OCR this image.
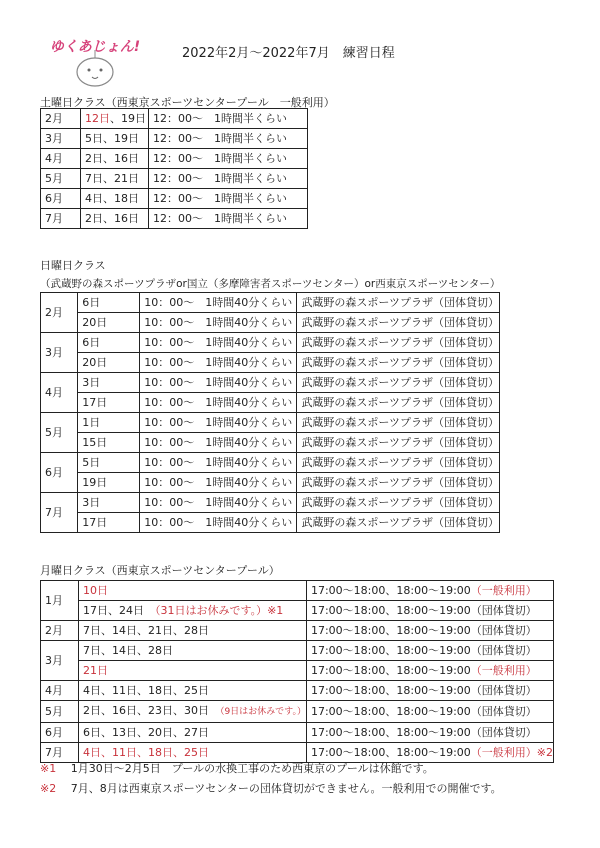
ゆくあじょん!	2022年2月〜2022年7月　練習日程
土曜日クラス（西東京スポーツセンタープール　一般利用）
2月	12日、19日	12：00〜　1時間半くらい
3月	5日、19日	12：00〜　1時間半くらい
4月	2日、16日	12：00〜　1時間半くらい
5月	7日、21日	12：00〜　1時間半くらい
6月	4日、18日	12：00〜　1時間半くらい
7月	2日、16日	12：00〜　1時間半くらい
日曜日クラス
（武蔵野の森スポーツプラザor国立（多摩障害者スポーツセンター）or西東京スポーツセンター）
2月	6日	10：00〜　1時間40分くらい	武蔵野の森スポーツプラザ（団体貸切）
	20日	10：00〜　1時間40分くらい	武蔵野の森スポーツプラザ（団体貸切）
3月	6日	10：00〜　1時間40分くらい	武蔵野の森スポーツプラザ（団体貸切）
	20日	10：00〜　1時間40分くらい	武蔵野の森スポーツプラザ（団体貸切）
4月	3日	10：00〜　1時間40分くらい	武蔵野の森スポーツプラザ（団体貸切）
	17日	10：00〜　1時間40分くらい	武蔵野の森スポーツプラザ（団体貸切）
5月	1日	10：00〜　1時間40分くらい	武蔵野の森スポーツプラザ（団体貸切）
	15日	10：00〜　1時間40分くらい	武蔵野の森スポーツプラザ（団体貸切）
6月	5日	10：00〜　1時間40分くらい	武蔵野の森スポーツプラザ（団体貸切）
	19日	10：00〜　1時間40分くらい	武蔵野の森スポーツプラザ（団体貸切）
7月	3日	10：00〜　1時間40分くらい	武蔵野の森スポーツプラザ（団体貸切）
	17日	10：00〜　1時間40分くらい	武蔵野の森スポーツプラザ（団体貸切）
月曜日クラス（西東京スポーツセンタープール）
1月	10日	17:00〜18:00、18:00〜19:00（一般利用）
	17日、24日　 （31日はお休みです。）※1	17:00〜18:00、18:00〜19:00（団体貸切）
2月	7日、14日、21日、28日	17:00〜18:00、18:00〜19:00（団体貸切）
3月	7日、14日、28日	17:00〜18:00、18:00〜19:00（団体貸切）
	21日	17:00〜18:00、18:00〜19:00（一般利用）
4月	4日、11日、18日、25日	17:00〜18:00、18:00〜19:00（団体貸切）
5月	2日、16日、23日、30日　 （9日はお休みです。）	17:00〜18:00、18:00〜19:00（団体貸切）
6月	6日、13日、20日、27日	17:00〜18:00、18:00〜19:00（団体貸切）
7月	4日、11日、18日、25日	17:00〜18:00、18:00〜19:00（一般利用）※2
※1　 1月30日〜2月5日　プールの水換工事のため西東京のプールは休館です。
※2　 7月、8月は西東京スポーツセンターの団体貸切ができません。一般利用での開催です。
